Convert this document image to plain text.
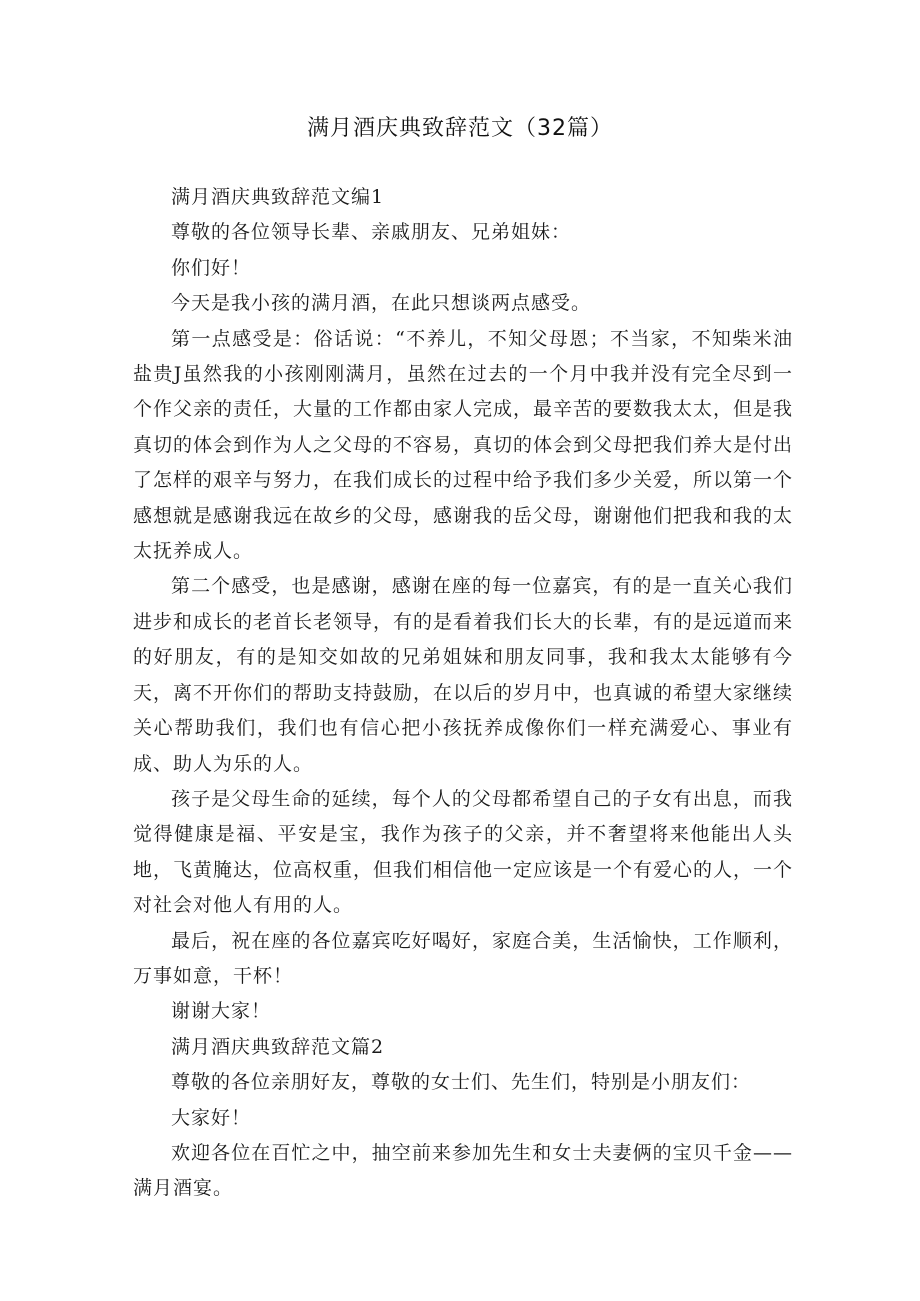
满月酒庆典致辞范文（32篇）

满月酒庆典致辞范文编1

尊敬的各位领导长辈、亲戚朋友、兄弟姐妹：

你们好！

今天是我小孩的满月酒，在此只想谈两点感受。

第一点感受是：俗话说：“不养儿，不知父母恩；不当家，不知柴米油盐贵J虽然我的小孩刚刚满月，虽然在过去的一个月中我并没有完全尽到一个作父亲的责任，大量的工作都由家人完成，最辛苦的要数我太太，但是我真切的体会到作为人之父母的不容易，真切的体会到父母把我们养大是付出了怎样的艰辛与努力，在我们成长的过程中给予我们多少关爱，所以第一个感想就是感谢我远在故乡的父母，感谢我的岳父母，谢谢他们把我和我的太太抚养成人。

第二个感受，也是感谢，感谢在座的每一位嘉宾，有的是一直关心我们进步和成长的老首长老领导，有的是看着我们长大的长辈，有的是远道而来的好朋友，有的是知交如故的兄弟姐妹和朋友同事，我和我太太能够有今天，离不开你们的帮助支持鼓励，在以后的岁月中，也真诚的希望大家继续关心帮助我们，我们也有信心把小孩抚养成像你们一样充满爱心、事业有成、助人为乐的人。

孩子是父母生命的延续，每个人的父母都希望自己的子女有出息，而我觉得健康是福、平安是宝，我作为孩子的父亲，并不奢望将来他能出人头地，飞黄腌达，位高权重，但我们相信他一定应该是一个有爱心的人，一个对社会对他人有用的人。

最后，祝在座的各位嘉宾吃好喝好，家庭合美，生活愉快，工作顺利，万事如意，干杯！

谢谢大家！

满月酒庆典致辞范文篇2

尊敬的各位亲朋好友，尊敬的女士们、先生们，特别是小朋友们：

大家好！

欢迎各位在百忙之中，抽空前来参加先生和女士夫妻俩的宝贝千金——满月酒宴。
